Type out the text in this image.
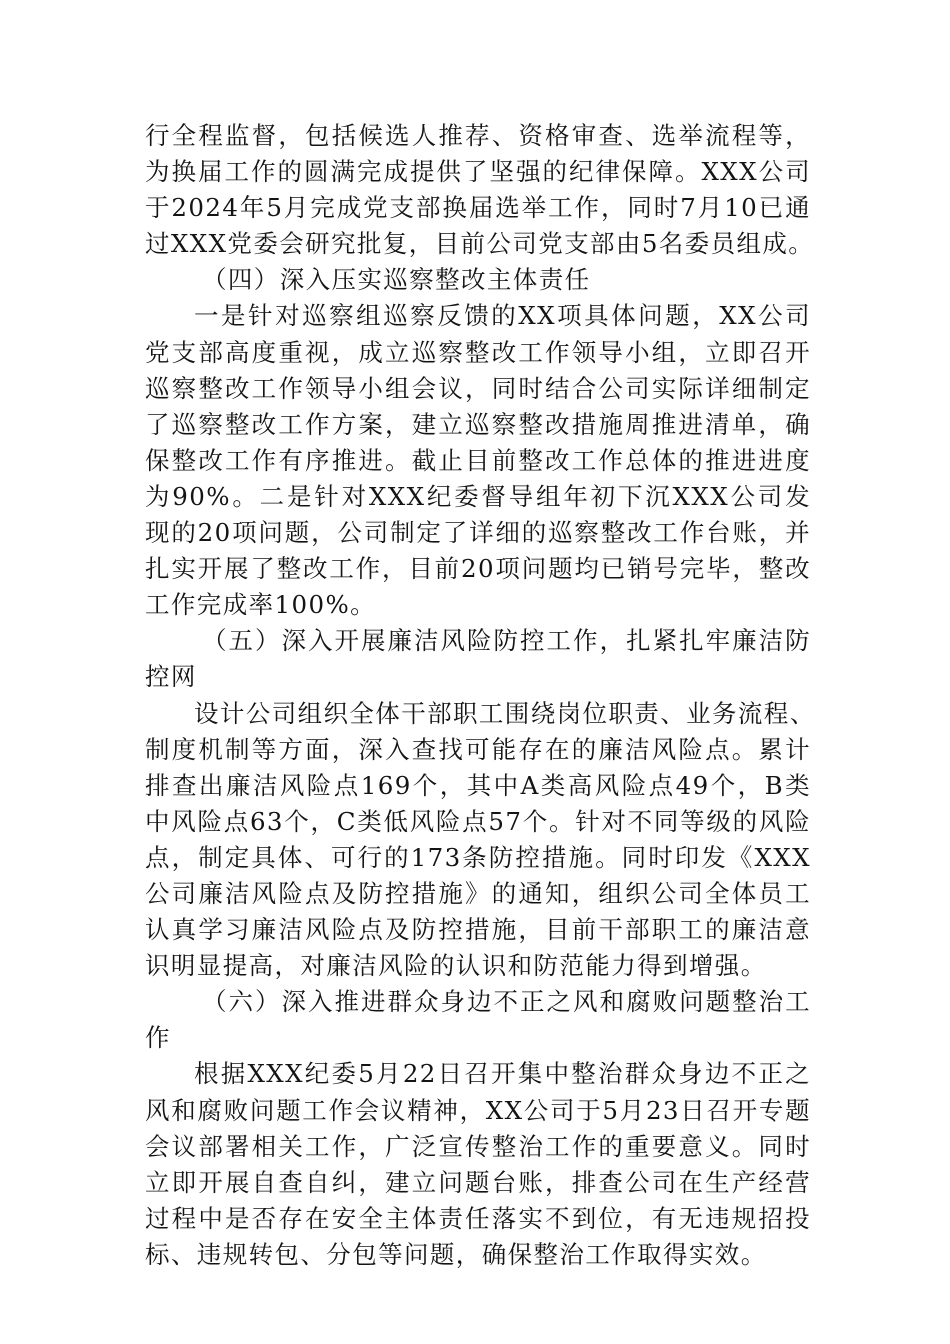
行全程监督，包括候选人推荐、资格审查、选举流程等，
为换届工作的圆满完成提供了坚强的纪律保障。XXX公司
于2024年5月完成党支部换届选举工作，同时7月10已通
过XXX党委会研究批复，目前公司党支部由5名委员组成。
（四）深入压实巡察整改主体责任
一是针对巡察组巡察反馈的XX项具体问题，XX公司
党支部高度重视，成立巡察整改工作领导小组，立即召开
巡察整改工作领导小组会议，同时结合公司实际详细制定
了巡察整改工作方案，建立巡察整改措施周推进清单，确
保整改工作有序推进。截止目前整改工作总体的推进进度
为90%。二是针对XXX纪委督导组年初下沉XXX公司发
现的20项问题，公司制定了详细的巡察整改工作台账，并
扎实开展了整改工作，目前20项问题均已销号完毕，整改
工作完成率100%。
（五）深入开展廉洁风险防控工作，扎紧扎牢廉洁防
控网
设计公司组织全体干部职工围绕岗位职责、业务流程、
制度机制等方面，深入查找可能存在的廉洁风险点。累计
排查出廉洁风险点169个，其中A类高风险点49个，B类
中风险点63个，C类低风险点57个。针对不同等级的风险
点，制定具体、可行的173条防控措施。同时印发《XXX
公司廉洁风险点及防控措施》的通知，组织公司全体员工
认真学习廉洁风险点及防控措施，目前干部职工的廉洁意
识明显提高，对廉洁风险的认识和防范能力得到增强。
（六）深入推进群众身边不正之风和腐败问题整治工
作
根据XXX纪委5月22日召开集中整治群众身边不正之
风和腐败问题工作会议精神，XX公司于5月23日召开专题
会议部署相关工作，广泛宣传整治工作的重要意义。同时
立即开展自查自纠，建立问题台账，排查公司在生产经营
过程中是否存在安全主体责任落实不到位，有无违规招投
标、违规转包、分包等问题，确保整治工作取得实效。
